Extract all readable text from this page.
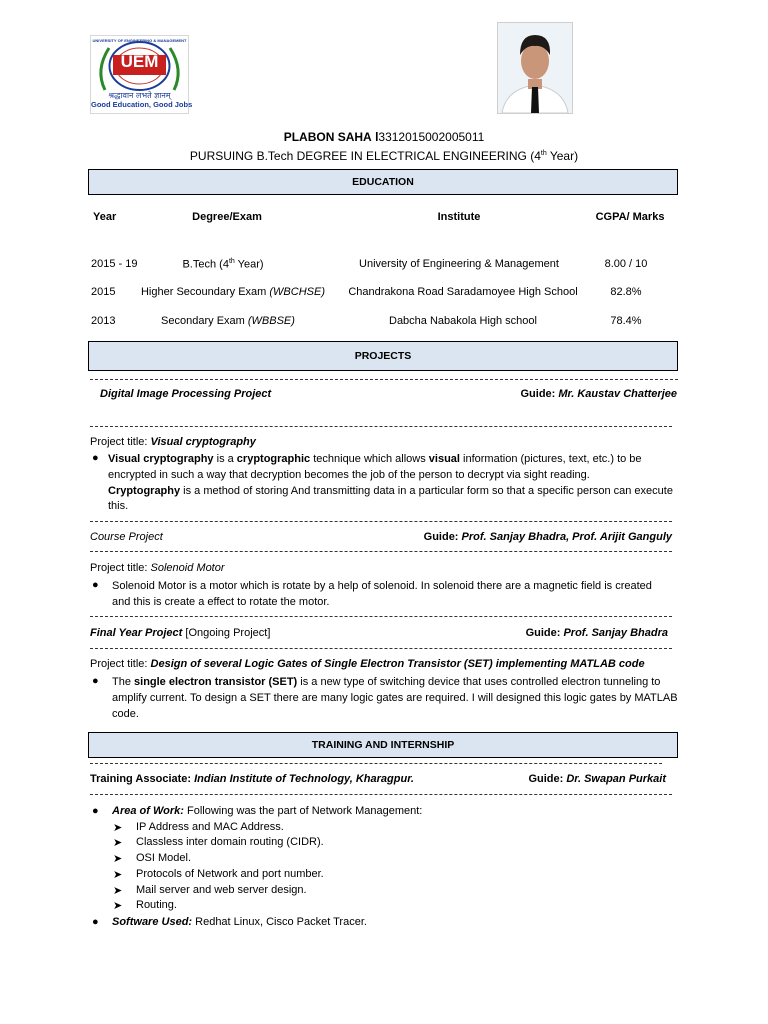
UEM
UNIVERSITY OF ENGINEERING & MANAGEMENT
श्रद्धावान लभते ज्ञानम्
Good Education, Good Jobs
PLABON SAHA l3312015002005011
PURSUING B.Tech DEGREE IN ELECTRICAL ENGINEERING (4th Year)
EDUCATION
Year	Degree/Exam	Institute	CGPA/ Marks
2015 - 19	B.Tech (4th Year)	University of Engineering & Management	8.00 / 10
2015	Higher Secoundary Exam (WBCHSE)	Chandrakona Road Saradamoyee High School	82.8%
2013	Secondary Exam (WBBSE)	Dabcha Nabakola High school	78.4%
PROJECTS
Digital Image Processing Project	Guide: Mr. Kaustav Chatterjee
Project title: Visual cryptography
● Visual cryptography is a cryptographic technique which allows visual information (pictures, text, etc.) to be encrypted in such a way that decryption becomes the job of the person to decrypt via sight reading.
Cryptography is a method of storing And transmitting data in a particular form so that a specific person can execute this.
Course Project	Guide: Prof. Sanjay Bhadra, Prof. Arijit Ganguly
Project title: Solenoid Motor
● Solenoid Motor is a motor which is rotate by a help of solenoid. In solenoid there are a magnetic field is created and this is create a effect to rotate the motor.
Final Year Project [Ongoing Project]	Guide: Prof. Sanjay Bhadra
Project title: Design of several Logic Gates of Single Electron Transistor (SET) implementing MATLAB code
● The single electron transistor (SET) is a new type of switching device that uses controlled electron tunneling to amplify current. To design a SET there are many logic gates are required. I will designed this logic gates by MATLAB code.
TRAINING AND INTERNSHIP
Training Associate: Indian Institute of Technology, Kharagpur.	Guide: Dr. Swapan Purkait
● Area of Work: Following was the part of Network Management:
➤ IP Address and MAC Address.
➤ Classless inter domain routing (CIDR).
➤ OSI Model.
➤ Protocols of Network and port number.
➤ Mail server and web server design.
➤ Routing.
● Software Used: Redhat Linux, Cisco Packet Tracer.
